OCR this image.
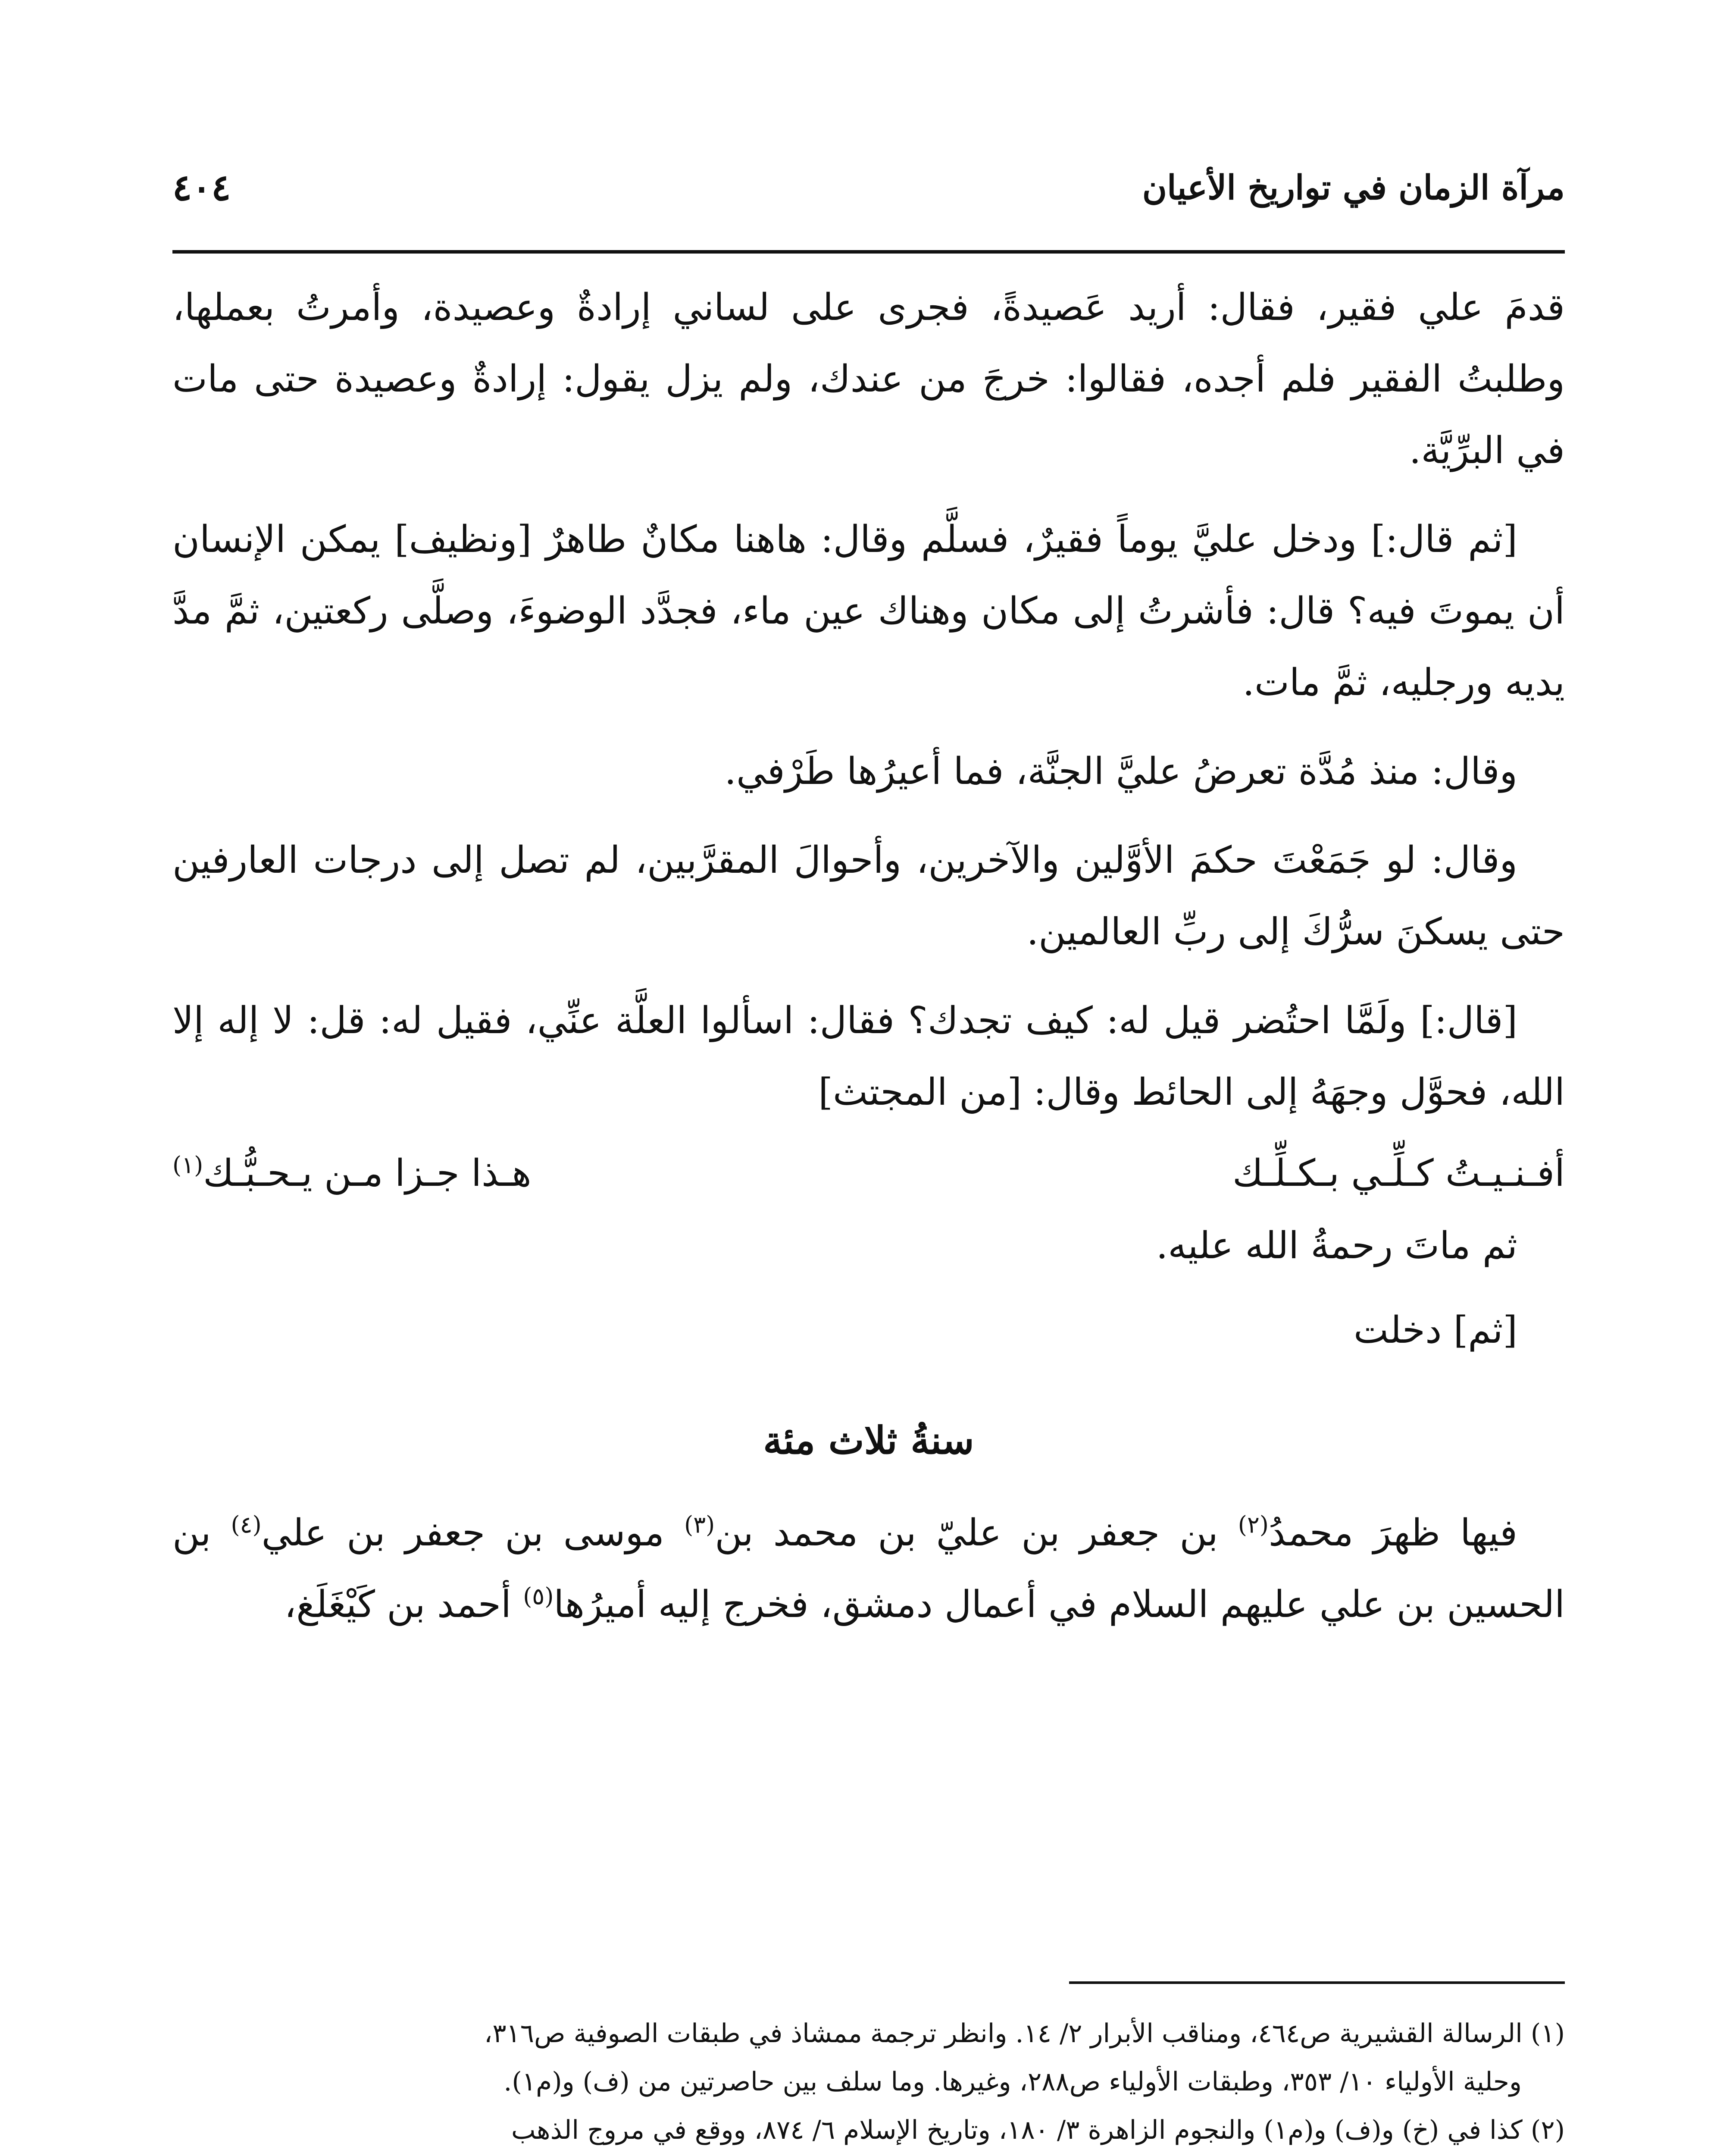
مرآة الزمان في تواريخ الأعيان
٤٠٤

قدمَ علي فقير، فقال: أريد عَصيدةً، فجرى على لساني إرادةٌ وعصيدة، وأمرتُ بعملها، وطلبتُ الفقير فلم أجده، فقالوا: خرجَ من عندك، ولم يزل يقول: إرادةٌ وعصيدة حتى مات في البرِّيَّة.

[ثم قال:] ودخل عليَّ يوماً فقيرٌ، فسلَّم وقال: هاهنا مكانٌ طاهرٌ [ونظيف] يمكن الإنسان أن يموتَ فيه؟ قال: فأشرتُ إلى مكان وهناك عين ماء، فجدَّد الوضوءَ، وصلَّى ركعتين، ثمَّ مدَّ يديه ورجليه، ثمَّ مات.

وقال: منذ مُدَّة تعرضُ عليَّ الجنَّة، فما أعيرُها طَرْفي.

وقال: لو جَمَعْتَ حكمَ الأوَّلين والآخرين، وأحوالَ المقرَّبين، لم تصل إلى درجات العارفين حتى يسكنَ سرُّكَ إلى ربِّ العالمين.

[قال:] ولَمَّا احتُضر قيل له: كيف تجدك؟ فقال: اسألوا العلَّة عنِّي، فقيل له: قل: لا إله إلا الله، فحوَّل وجهَهُ إلى الحائط وقال: [من المجتث]

أفـنـيـتُ كـلِّـي بـكـلِّـك
هـذا جـزا مـن يـحـبُّـك$^{(١)}$

ثم ماتَ رحمةُ الله عليه.

[ثم] دخلت

سنةُ ثلاث مئة

فيها ظهرَ محمدُ$^{(٢)}$ بن جعفر بن عليّ بن محمد بن$^{(٣)}$ موسى بن جعفر بن علي$^{(٤)}$ بن الحسين بن علي عليهم السلام في أعمال دمشق، فخرج إليه أميرُها$^{(٥)}$ أحمد بن كَيْغَلَغ،

(١) الرسالة القشيرية ص٤٦٤، ومناقب الأبرار ٢/ ١٤. وانظر ترجمة ممشاذ في طبقات الصوفية ص٣١٦،

وحلية الأولياء ١٠/ ٣٥٣، وطبقات الأولياء ص٢٨٨، وغيرها. وما سلف بين حاصرتين من (ف) و(م١).

(٢) كذا في (خ) و(ف) و(م١) والنجوم الزاهرة ٣/ ١٨٠، وتاريخ الإسلام ٦/ ٨٧٤، ووقع في مروج الذهب
